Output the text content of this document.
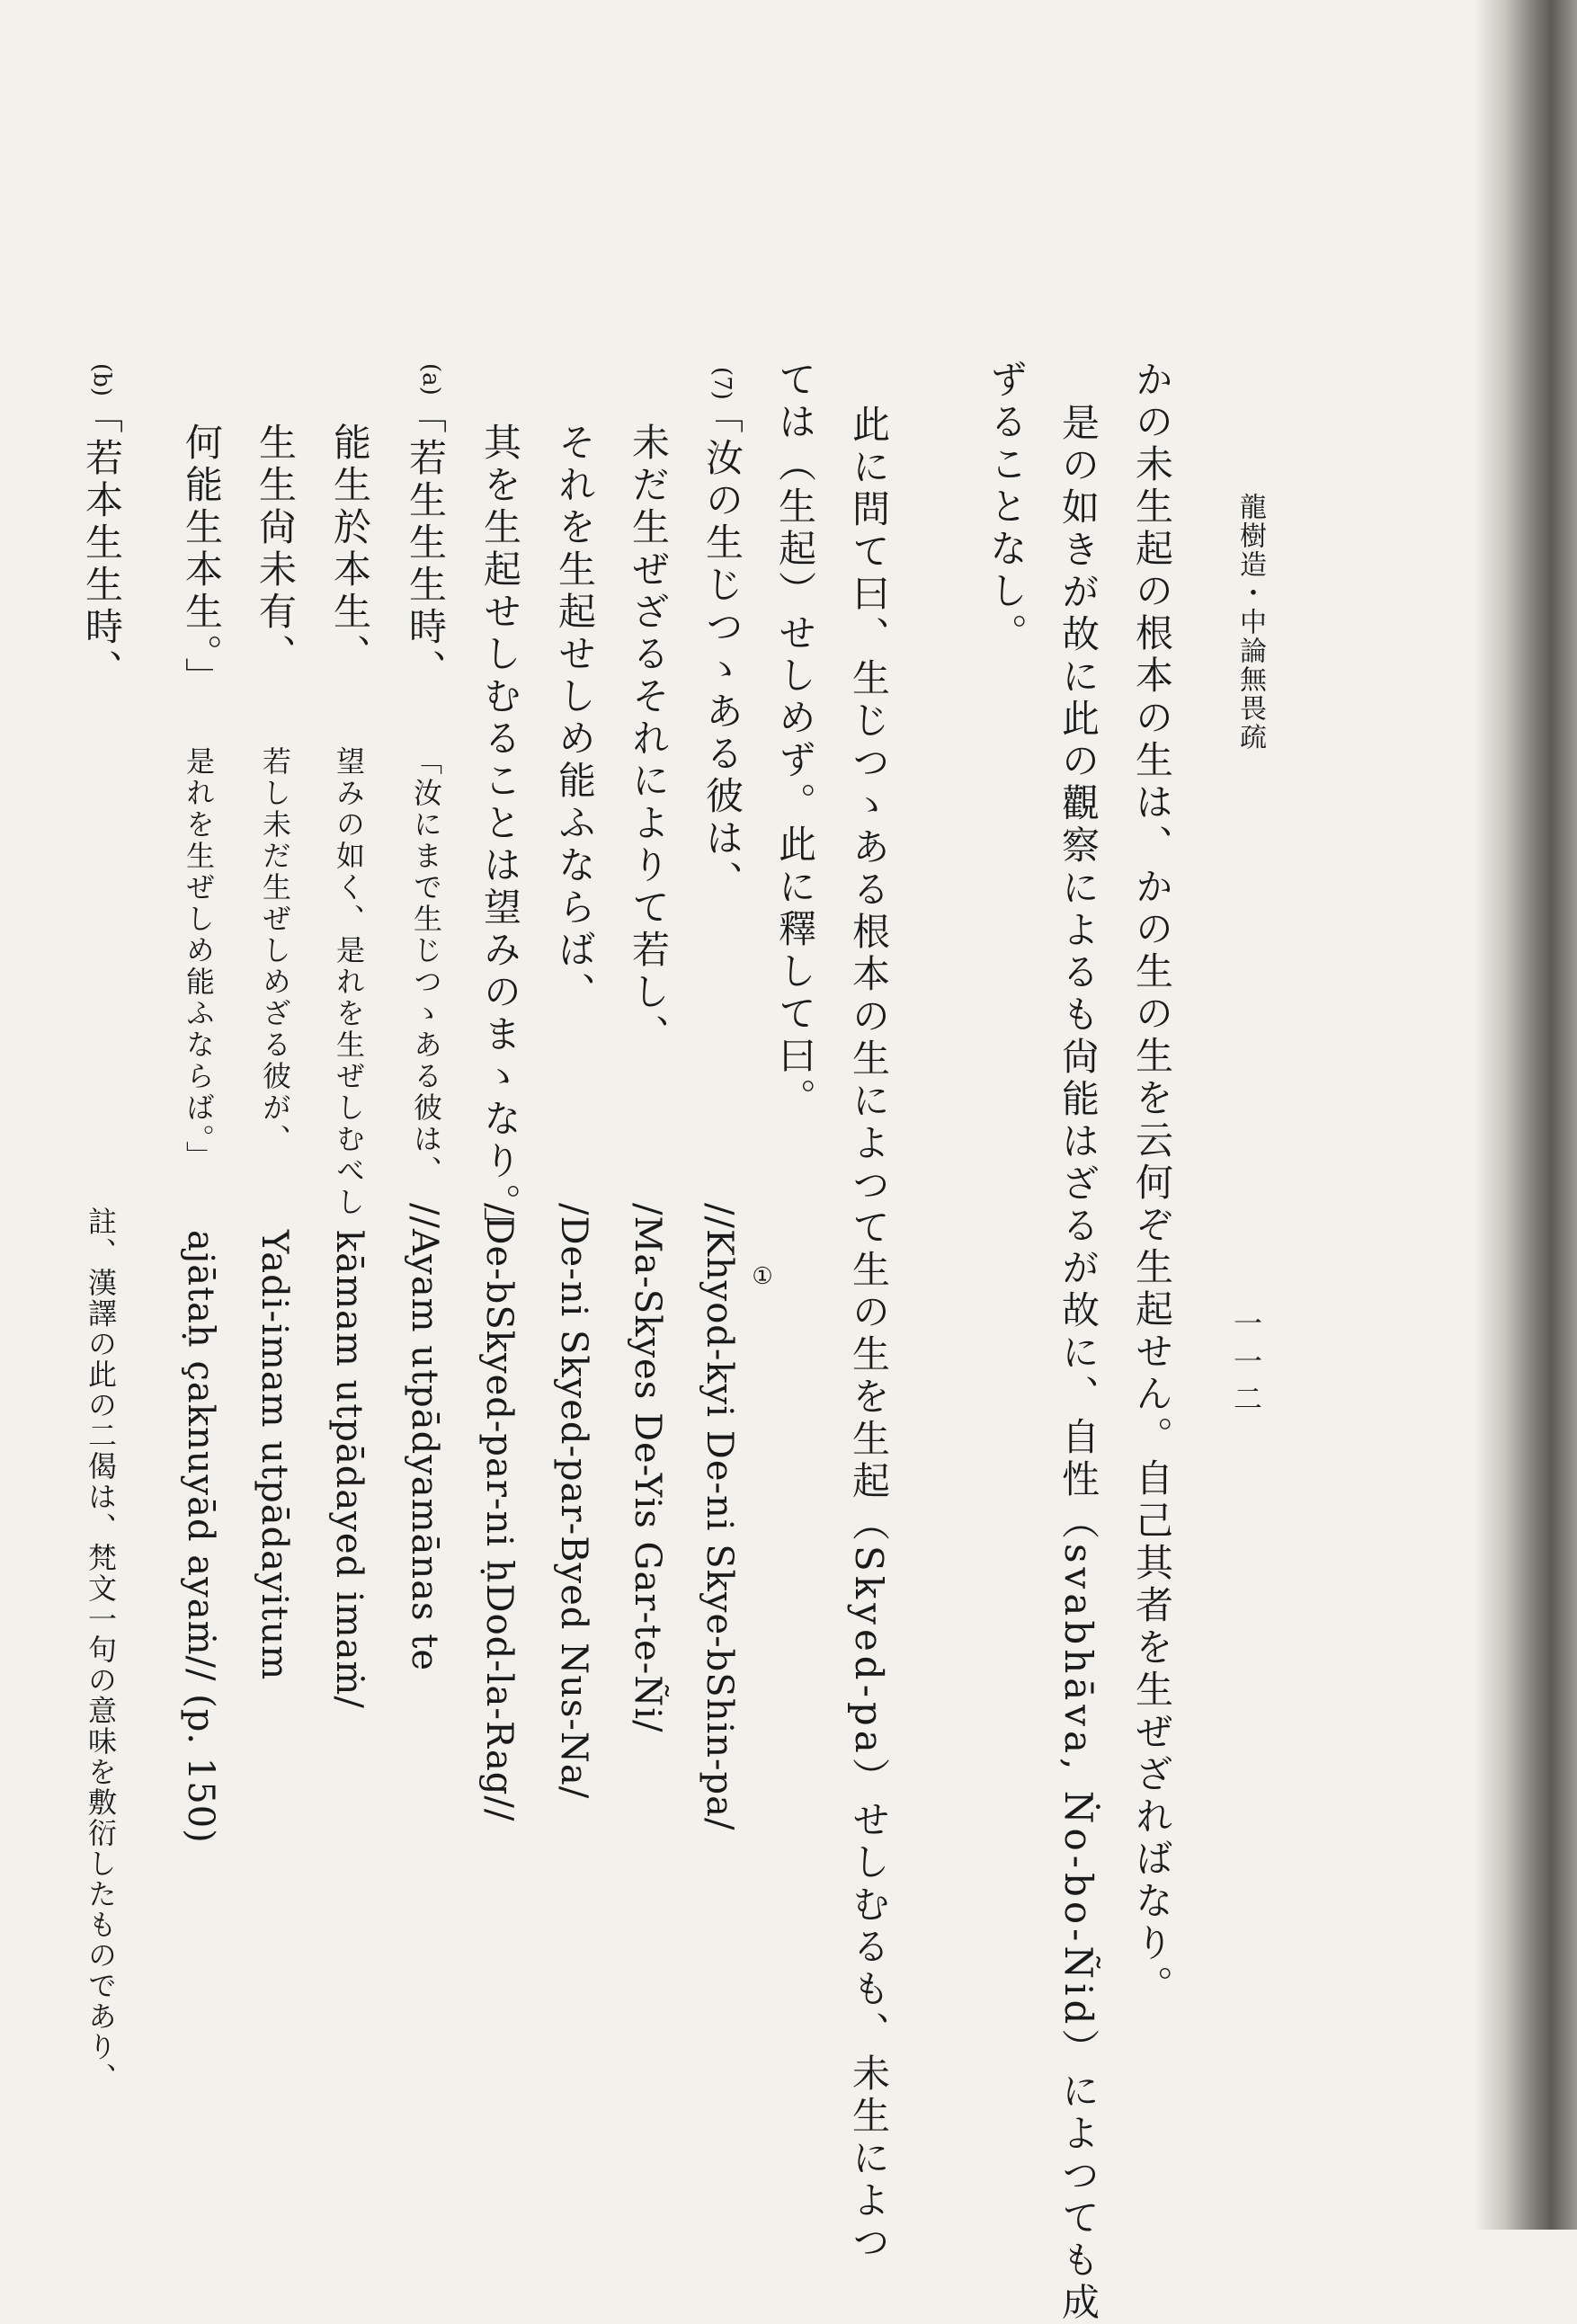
龍樹造・中論無畏疏
一一二
かの未生起の根本の生は、かの生の生を云何ぞ生起せん。自己其者を生ぜざればなり。
是の如きが故に此の觀察によるも尙能はざるが故に、自性（svabhāva, Ṅo-bo-Ñid）によつても成
ずることなし。
此に問て曰、生じつゝある根本の生によつて生の生を生起（Skyed-pa）せしむるも、未生によつ
ては（生起）せしめず。此に釋して曰。
(7)
「汝の生じつゝある彼は、
未だ生ぜざるそれによりて若し、
それを生起せしめ能ふならば、
其を生起せしむることは望みのまゝなり。」
(a)
「若生生生時、
「汝にまで生じつゝある彼は、
能生於本生、
望みの如く、是れを生ぜしむべし
生生尙未有、
若し未だ生ぜしめざる彼が、
何能生本生。」
是れを生ぜしめ能ふならば。」
(b)
「若本生生時、
①
//Khyod-kyi De-ni Skye-bShin-pa/
/Ma-Skyes De-Yis Gar-te-Ñi/
/De-ni Skyed-par-Byed Nus-Na/
/De-bSkyed-par-ni ḥDod-la-Rag//
//Ayam utpādyamānas te
kāmam utpādayed imaṁ/
Yadi-imam utpādayitum
ajātaḥ çaknuyād ayaṁ// (p. 150)
註、漢譯の此の二偈は、梵文一句の意味を敷衍したものであり、
